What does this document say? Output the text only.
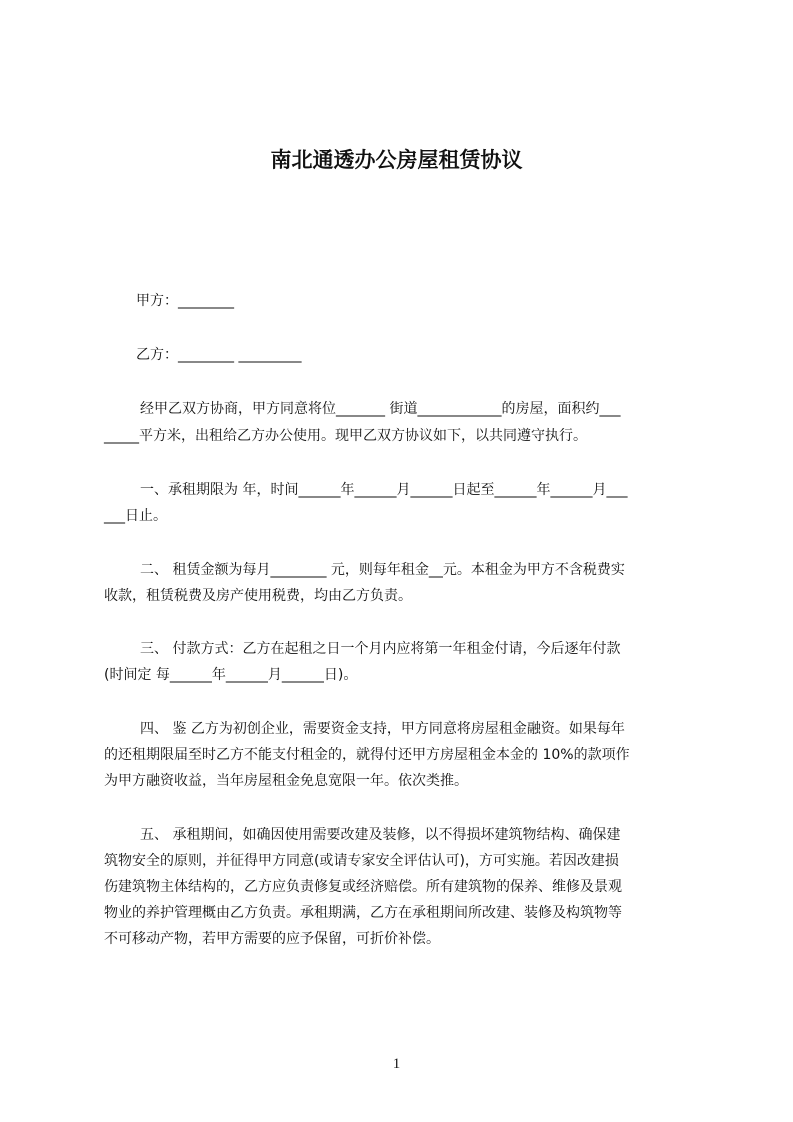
南北通透办公房屋租赁协议

甲方：________

乙方：________ _________

经甲乙双方协商，甲方同意将位_______ 街道____________的房屋，面积约___

_____平方米，出租给乙方办公使用。现甲乙双方协议如下，以共同遵守执行。

一、承租期限为 年，时间______年______月______日起至______年______月___

___日止。

二、 租赁金额为每月________ 元，则每年租金__元。本租金为甲方不含税费实

收款，租赁税费及房产使用税费，均由乙方负责。

三、 付款方式：乙方在起租之日一个月内应将第一年租金付请，今后逐年付款

(时间定 每______年______月______日)。

四、 鉴 乙方为初创企业，需要资金支持，甲方同意将房屋租金融资。如果每年

的还租期限届至时乙方不能支付租金的，就得付还甲方房屋租金本金的 10%的款项作

为甲方融资收益，当年房屋租金免息宽限一年。依次类推。

五、 承租期间，如确因使用需要改建及装修，以不得损坏建筑物结构、确保建

筑物安全的原则，并征得甲方同意(或请专家安全评估认可)，方可实施。若因改建损

伤建筑物主体结构的，乙方应负责修复或经济赔偿。所有建筑物的保养、维修及景观

物业的养护管理概由乙方负责。承租期满，乙方在承租期间所改建、装修及构筑物等

不可移动产物，若甲方需要的应予保留，可折价补偿。

1
